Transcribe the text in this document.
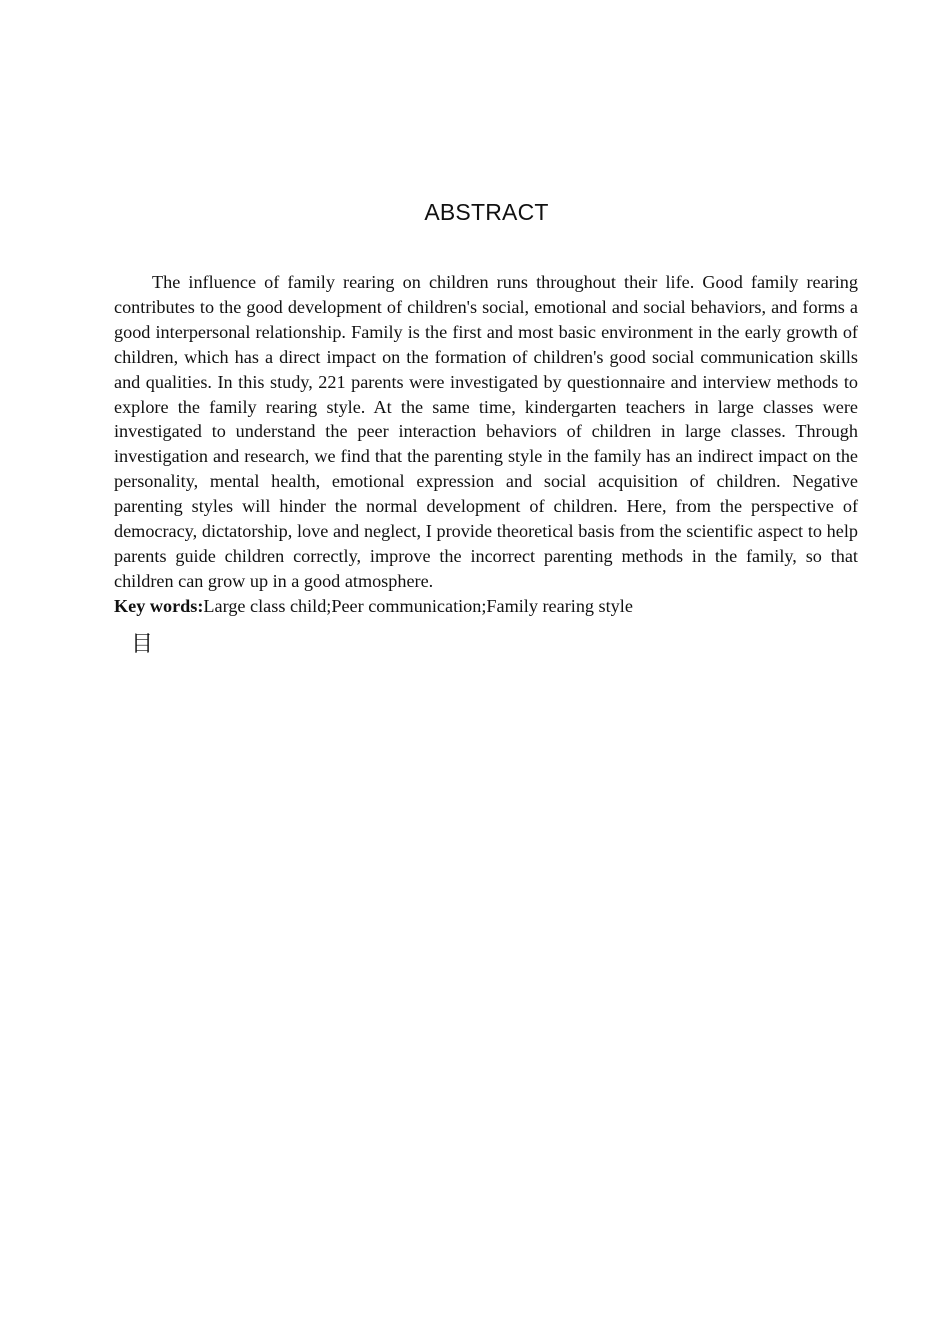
ABSTRACT

The influence of family rearing on children runs throughout their life. Good family rearing contributes to the good development of children's social, emotional and social behaviors, and forms a good interpersonal relationship. Family is the first and most basic environment in the early growth of children, which has a direct impact on the formation of children's good social communication skills and qualities. In this study, 221 parents were investigated by questionnaire and interview methods to explore the family rearing style. At the same time, kindergarten teachers in large classes were investigated to understand the peer interaction behaviors of children in large classes. Through investigation and research, we find that the parenting style in the family has an indirect impact on the personality, mental health, emotional expression and social acquisition of children. Negative parenting styles will hinder the normal development of children. Here, from the perspective of democracy, dictatorship, love and neglect, I provide theoretical basis from the scientific aspect to help parents guide children correctly, improve the incorrect parenting methods in the family, so that children can grow up in a good atmosphere.

Key words:Large class child;Peer communication;Family rearing style

目
